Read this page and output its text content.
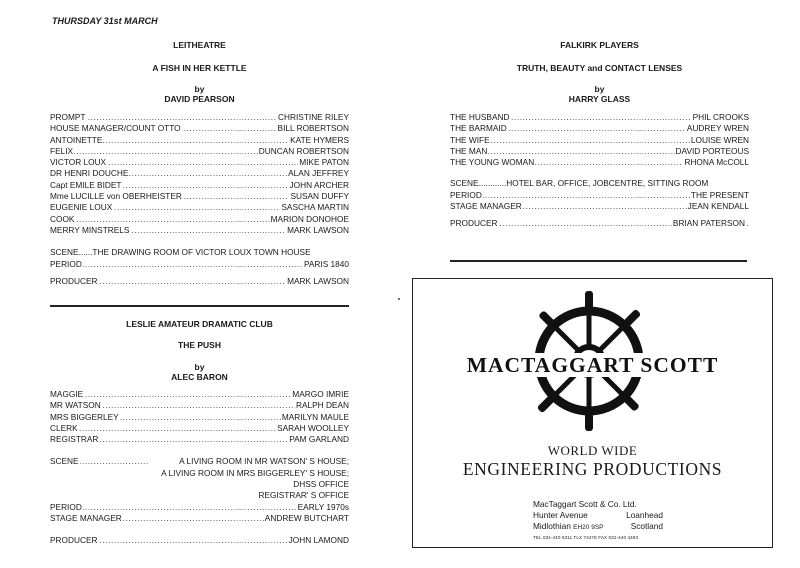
THURSDAY 31st MARCH
LEITHEATRE
A FISH IN HER KETTLE
by
DAVID PEARSON
.....
PROMPT	CHRISTINE RILEY
.....
HOUSE MANAGER/COUNT OTTO	BILL ROBERTSON
.....
ANTOINETTE	KATE HYMERS
.....
FELIX	DUNCAN ROBERTSON
.....
VICTOR LOUX	MIKE PATON
.....
DR HENRI DOUCHE	ALAN JEFFREY
.....
Capt EMILE BIDET	JOHN ARCHER
.....
Mme LUCILLE von OBERHEISTER	SUSAN DUFFY
.....
EUGENIE LOUX	SASCHA MARTIN
.....
COOK	MARION DONOHOE
.....
MERRY MINSTRELS	MARK LAWSON
SCENE......THE DRAWING ROOM OF VICTOR LOUX TOWN HOUSE
.....
PERIOD	PARIS 1840
.....
PRODUCER	MARK LAWSON
LESLIE AMATEUR DRAMATIC CLUB
THE PUSH
by
ALEC BARON
.....
MAGGIE	MARGO IMRIE
.....
MR WATSON	RALPH DEAN
.....
MRS BIGGERLEY	MARILYN MAULE
.....
CLERK	SARAH WOOLLEY
.....
REGISTRAR	PAM GARLAND
.....
SCENE	A LIVING ROOM IN MR WATSON' S HOUSE;
A LIVING ROOM IN MRS BIGGERLEY' S HOUSE;
DHSS OFFICE
REGISTRAR' S OFFICE
.....
PERIOD	EARLY 1970s
.....
STAGE MANAGER	ANDREW BUTCHART
.....
PRODUCER	JOHN LAMOND
FALKIRK PLAYERS
TRUTH, BEAUTY and CONTACT LENSES
by
HARRY GLASS
.....
THE HUSBAND	PHIL CROOKS
.....
THE BARMAID	AUDREY WREN
.....
THE WIFE	LOUISE WREN
.....
THE MAN	DAVID PORTEOUS
.....
THE YOUNG WOMAN	RHONA McCOLL
SCENE............HOTEL BAR, OFFICE, JOBCENTRE, SITTING ROOM
.....
PERIOD	THE PRESENT
.....
STAGE MANAGER	JEAN KENDALL
.....
PRODUCER	BRIAN PATERSON
MACTAGGART SCOTT
WORLD WIDE
ENGINEERING PRODUCTIONS
MacTaggart Scott & Co. Ltd.
Hunter Avenue	Loanhead
Midlothian EH20 9SP	Scotland
TEL 031-440 0311 TLX 72478 FAX 031-440 4493
